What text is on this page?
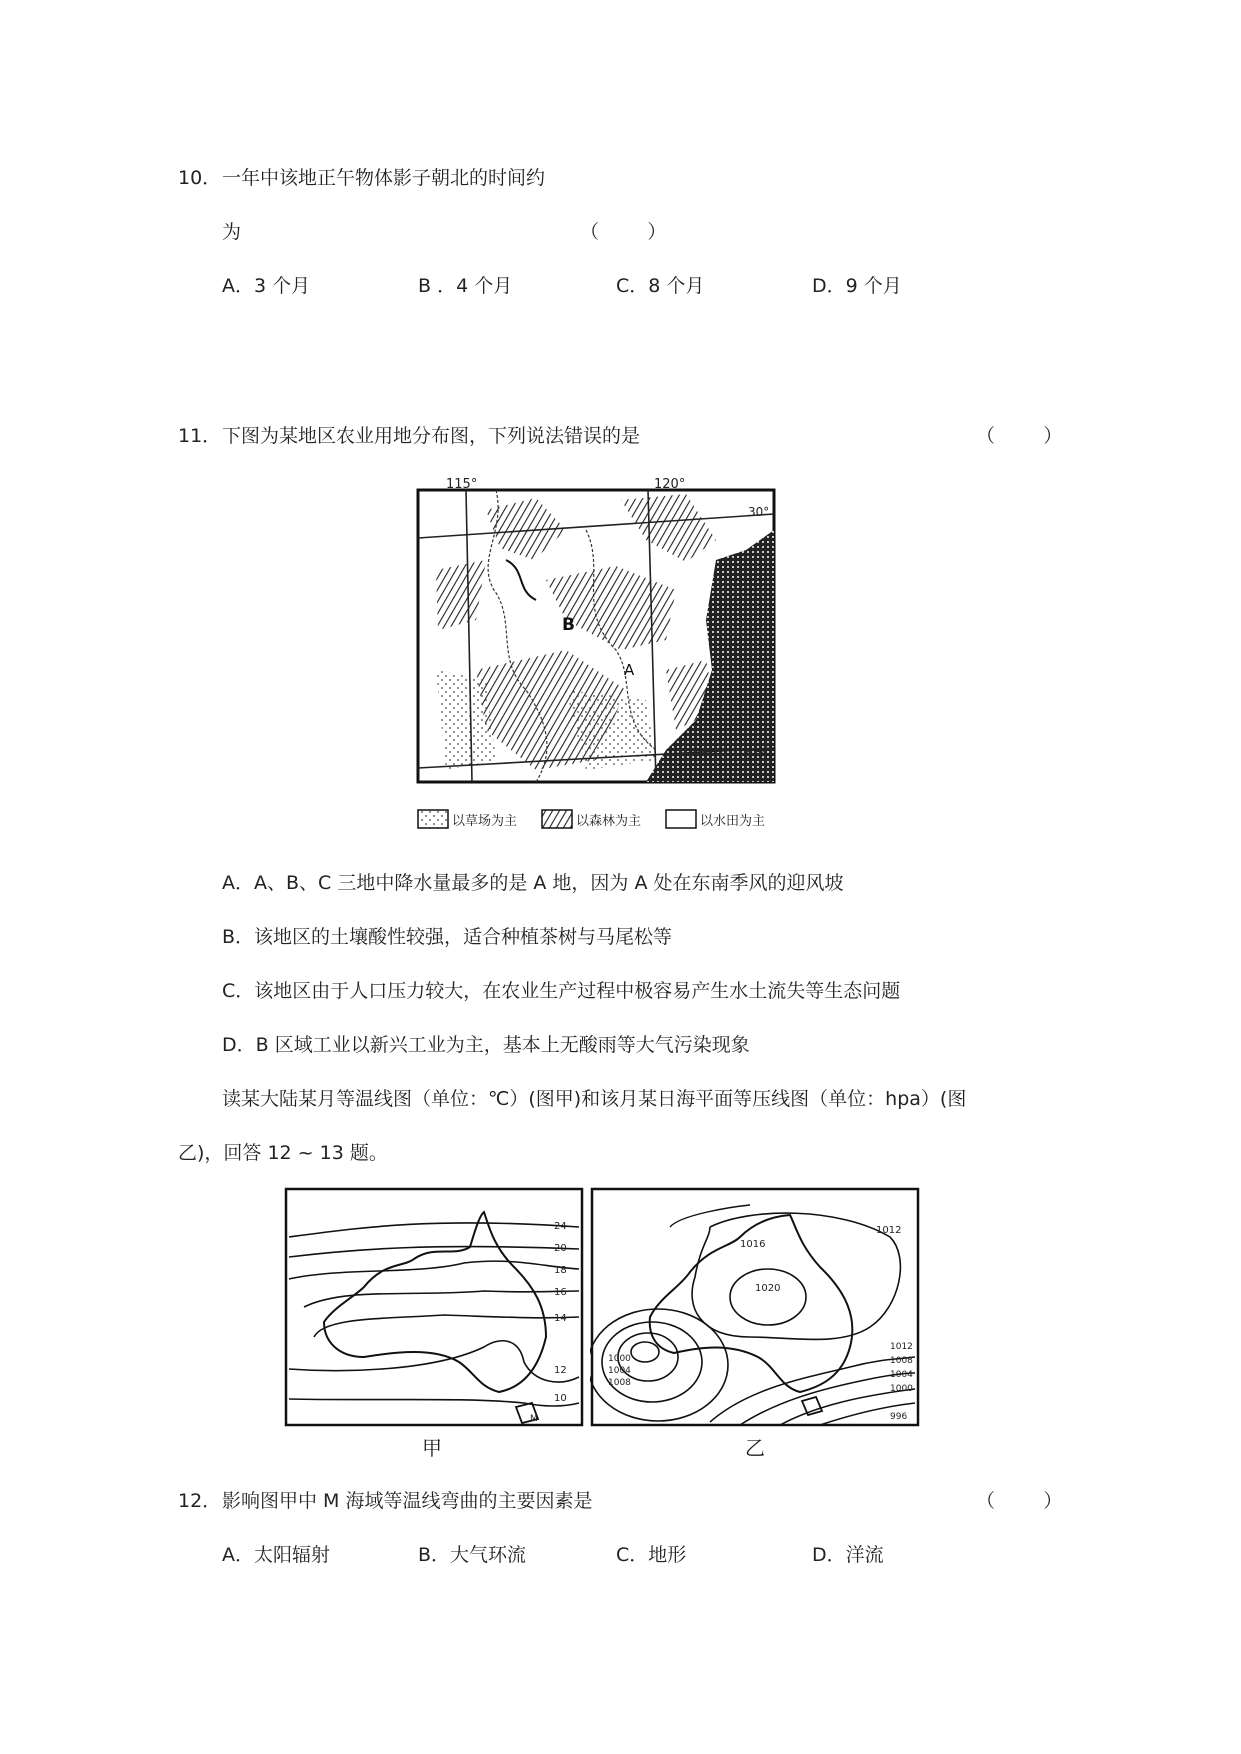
10． 一年中该地正午物体影子朝北的时间约
为	（        ）
A．3 个月	B ．4 个月	C．8 个月	D．9 个月
11． 下图为某地区农业用地分布图，下列说法错误的是	（        ）
115°	120°
30°
25°
B
A
以草场为主	以森林为主	以水田为主
A．A、B、C 三地中降水量最多的是 A 地，因为 A 处在东南季风的迎风坡
B．该地区的土壤酸性较强，适合种植茶树与马尾松等
C．该地区由于人口压力较大，在农业生产过程中极容易产生水土流失等生态问题
D．B 区域工业以新兴工业为主，基本上无酸雨等大气污染现象
读某大陆某月等温线图（单位：℃）(图甲)和该月某日海平面等压线图（单位：hpa）(图
乙)，回答 12 ~ 13 题。
24
20
18
16
14
12
10
M
甲
1016
1012
1020
1012
1008
1004
1000
996
1000
1004
1008
乙
12． 影响图甲中 M 海域等温线弯曲的主要因素是	（        ）
A．太阳辐射	B．大气环流	C．地形	D．洋流
